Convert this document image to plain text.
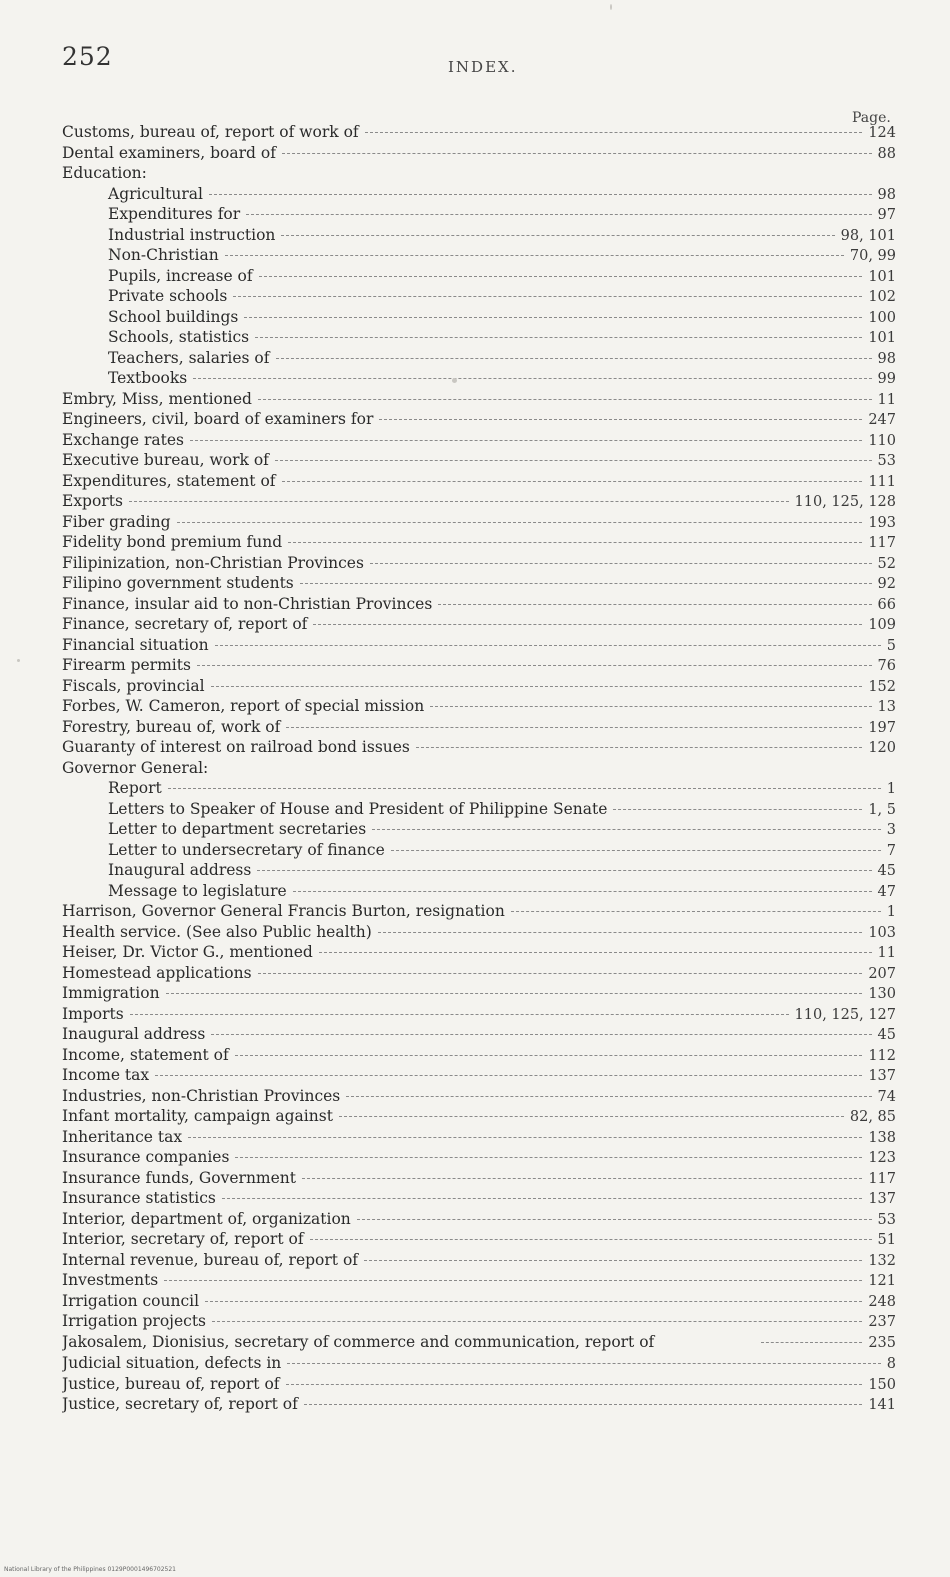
252	INDEX.
Page.
Customs, bureau of, report of work of	124
Dental examiners, board of	88
Education:
Agricultural	98
Expenditures for	97
Industrial instruction	98, 101
Non-Christian	70, 99
Pupils, increase of	101
Private schools	102
School buildings	100
Schools, statistics	101
Teachers, salaries of	98
Textbooks	99
Embry, Miss, mentioned	11
Engineers, civil, board of examiners for	247
Exchange rates	110
Executive bureau, work of	53
Expenditures, statement of	111
Exports	110, 125, 128
Fiber grading	193
Fidelity bond premium fund	117
Filipinization, non-Christian Provinces	52
Filipino government students	92
Finance, insular aid to non-Christian Provinces	66
Finance, secretary of, report of	109
Financial situation	5
Firearm permits	76
Fiscals, provincial	152
Forbes, W. Cameron, report of special mission	13
Forestry, bureau of, work of	197
Guaranty of interest on railroad bond issues	120
Governor General:
Report	1
Letters to Speaker of House and President of Philippine Senate	1, 5
Letter to department secretaries	3
Letter to undersecretary of finance	7
Inaugural address	45
Message to legislature	47
Harrison, Governor General Francis Burton, resignation	1
Health service. (See also Public health)	103
Heiser, Dr. Victor G., mentioned	11
Homestead applications	207
Immigration	130
Imports	110, 125, 127
Inaugural address	45
Income, statement of	112
Income tax	137
Industries, non-Christian Provinces	74
Infant mortality, campaign against	82, 85
Inheritance tax	138
Insurance companies	123
Insurance funds, Government	117
Insurance statistics	137
Interior, department of, organization	53
Interior, secretary of, report of	51
Internal revenue, bureau of, report of	132
Investments	121
Irrigation council	248
Irrigation projects	237
Jakosalem, Dionisius, secretary of commerce and communication, report of	235
Judicial situation, defects in	8
Justice, bureau of, report of	150
Justice, secretary of, report of	141
National Library of the Philippines 0129P0001496702521
